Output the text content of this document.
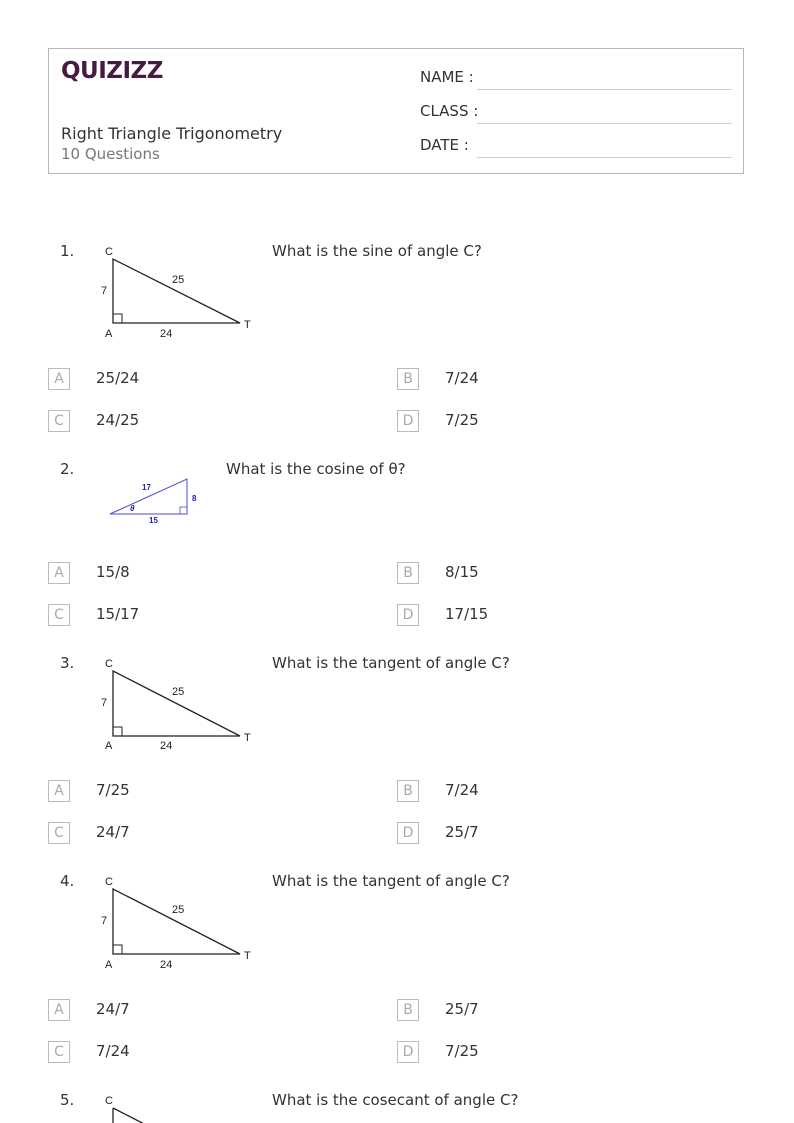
QUIZIZZ
Right Triangle Trigonometry
10 Questions
NAME :
CLASS :
DATE :
1.	C
7
25
A	24
T
What is the sine of angle C?
A	25/24	B	7/24
C	24/25	D	7/25
2.
17
8
15
θ
What is the cosine of θ?
A	15/8	B	8/15
C	15/17	D	17/15
3.	C
7
25
A	24
T
What is the tangent of angle C?
A	7/25	B	7/24
C	24/7	D	25/7
4.	C
7
25
A	24
T
What is the tangent of angle C?
A	24/7	B	25/7
C	7/24	D	7/25
5.	C	What is the cosecant of angle C?
